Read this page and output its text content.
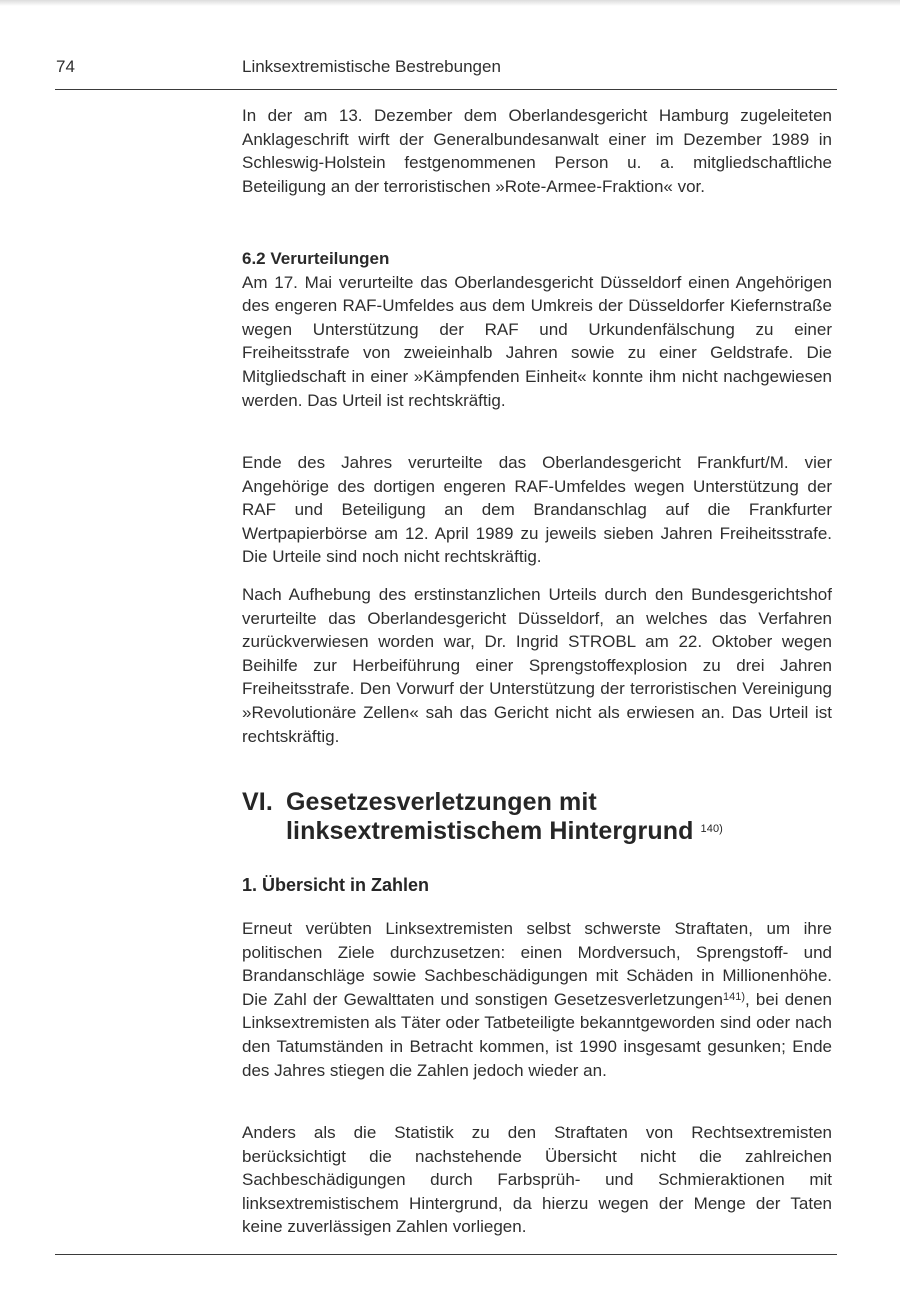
74	Linksextremistische Bestrebungen

In der am 13. Dezember dem Oberlandesgericht Hamburg zugeleiteten Anklageschrift wirft der Generalbundesanwalt einer im Dezember 1989 in Schleswig-Holstein festgenommenen Person u. a. mitgliedschaftliche Beteiligung an der terroristischen »Rote-Armee-Fraktion« vor.

6.2 Verurteilungen

Am 17. Mai verurteilte das Oberlandesgericht Düsseldorf einen Angehörigen des engeren RAF-Umfeldes aus dem Umkreis der Düsseldorfer Kiefernstraße wegen Unterstützung der RAF und Urkundenfälschung zu einer Freiheitsstrafe von zweieinhalb Jahren sowie zu einer Geldstrafe. Die Mitgliedschaft in einer »Kämpfenden Einheit« konnte ihm nicht nachgewiesen werden. Das Urteil ist rechtskräftig.

Ende des Jahres verurteilte das Oberlandesgericht Frankfurt/M. vier Angehörige des dortigen engeren RAF-Umfeldes wegen Unterstützung der RAF und Beteiligung an dem Brandanschlag auf die Frankfurter Wertpapierbörse am 12. April 1989 zu jeweils sieben Jahren Freiheitsstrafe. Die Urteile sind noch nicht rechtskräftig.

Nach Aufhebung des erstinstanzlichen Urteils durch den Bundesgerichtshof verurteilte das Oberlandesgericht Düsseldorf, an welches das Verfahren zurückverwiesen worden war, Dr. Ingrid STROBL am 22. Oktober wegen Beihilfe zur Herbeiführung einer Sprengstoffexplosion zu drei Jahren Freiheitsstrafe. Den Vorwurf der Unterstützung der terroristischen Vereinigung »Revolutionäre Zellen« sah das Gericht nicht als erwiesen an. Das Urteil ist rechtskräftig.

VI. Gesetzesverletzungen mit
linksextremistischem Hintergrund $^{140)}$
1. Übersicht in Zahlen

Erneut verübten Linksextremisten selbst schwerste Straftaten, um ihre politischen Ziele durchzusetzen: einen Mordversuch, Sprengstoff- und Brandanschläge sowie Sachbeschädigungen mit Schäden in Millionenhöhe. Die Zahl der Gewalttaten und sonstigen Gesetzesverletzungen$^{141)}$, bei denen Linksextremisten als Täter oder Tatbeteiligte bekanntgeworden sind oder nach den Tatumständen in Betracht kommen, ist 1990 insgesamt gesunken; Ende des Jahres stiegen die Zahlen jedoch wieder an.

Anders als die Statistik zu den Straftaten von Rechtsextremisten berücksichtigt die nachstehende Übersicht nicht die zahlreichen Sachbeschädigungen durch Farbsprüh- und Schmieraktionen mit linksextremistischem Hintergrund, da hierzu wegen der Menge der Taten keine zuverlässigen Zahlen vorliegen.
